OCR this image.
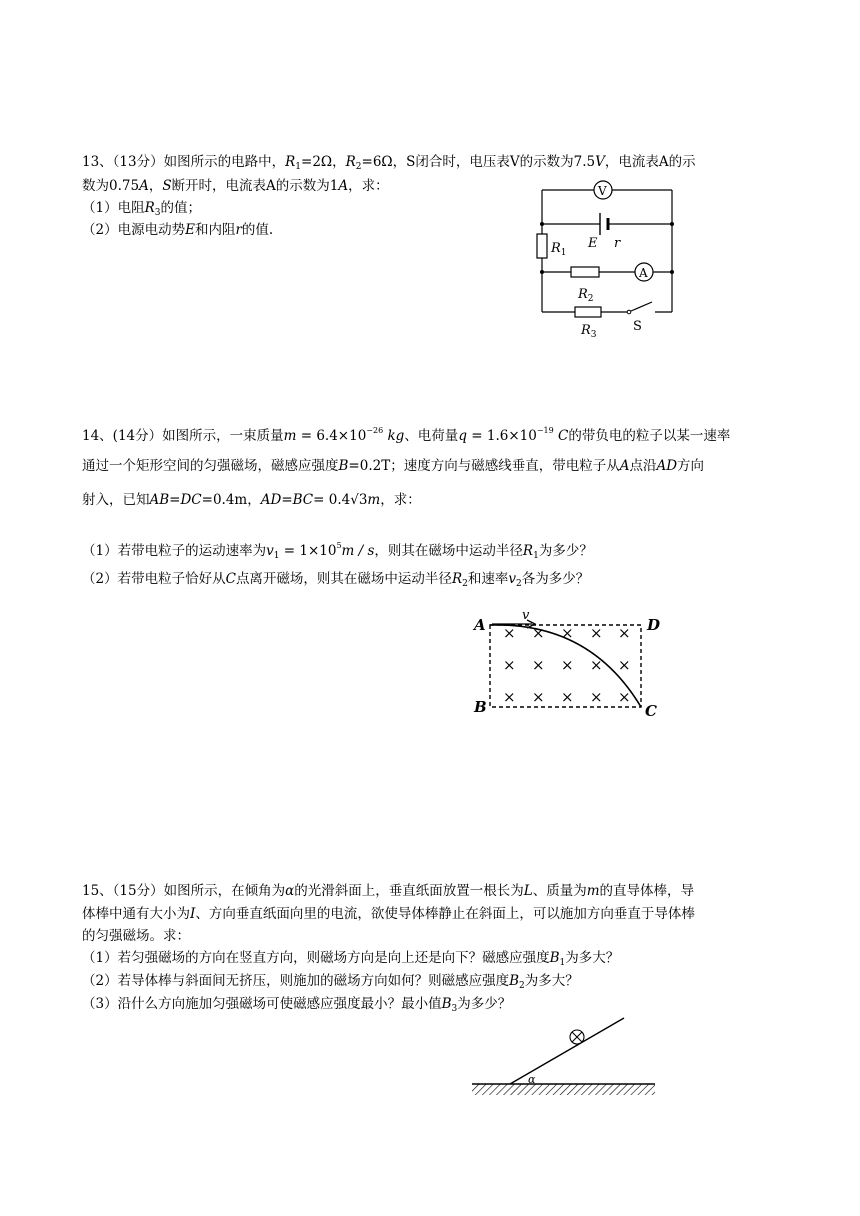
13、（13分）如图所示的电路中，$R_1=2\Omega$，$R_2=6\Omega$，S闭合时，电压表V的示数为7.5V，电流表A的示
数为0.75A，S断开时，电流表A的示数为1A，求：
（1）电阻$R_3$的值；
（2）电源电动势E和内阻r的值.
V
A
E r
$R_1$
$R_2$
$R_3$
S
14、(14分）如图所示，一束质量$m = 6.4\times 10^{-26}$ kg、电荷量$q = 1.6\times 10^{-19}$ C的带负电的粒子以某一速率
通过一个矩形空间的匀强磁场，磁感应强度B=0.2T；速度方向与磁感线垂直，带电粒子从A点沿AD方向
射入，已知AB=DC=0.4m，AD=BC= 0.4√3m，求：
（1）若带电粒子的运动速率为$v_1 = 1\times 10^5m / s$，则其在磁场中运动半径$R_1$为多少？
（2）若带电粒子恰好从C点离开磁场，则其在磁场中运动半径$R_2$和速率$v_2$各为多少？
× × × × ×
× × × × ×
× × × × ×
A
B	C
D
v
15、（15分）如图所示，在倾角为α的光滑斜面上，垂直纸面放置一根长为L、质量为m的直导体棒，导
体棒中通有大小为I、方向垂直纸面向里的电流，欲使导体棒静止在斜面上，可以施加方向垂直于导体棒
的匀强磁场。求：
（1）若匀强磁场的方向在竖直方向，则磁场方向是向上还是向下？磁感应强度$B_1$为多大？
（2）若导体棒与斜面间无挤压，则施加的磁场方向如何？则磁感应强度$B_2$为多大？
（3）沿什么方向施加匀强磁场可使磁感应强度最小？最小值$B_3$为多少？
α
